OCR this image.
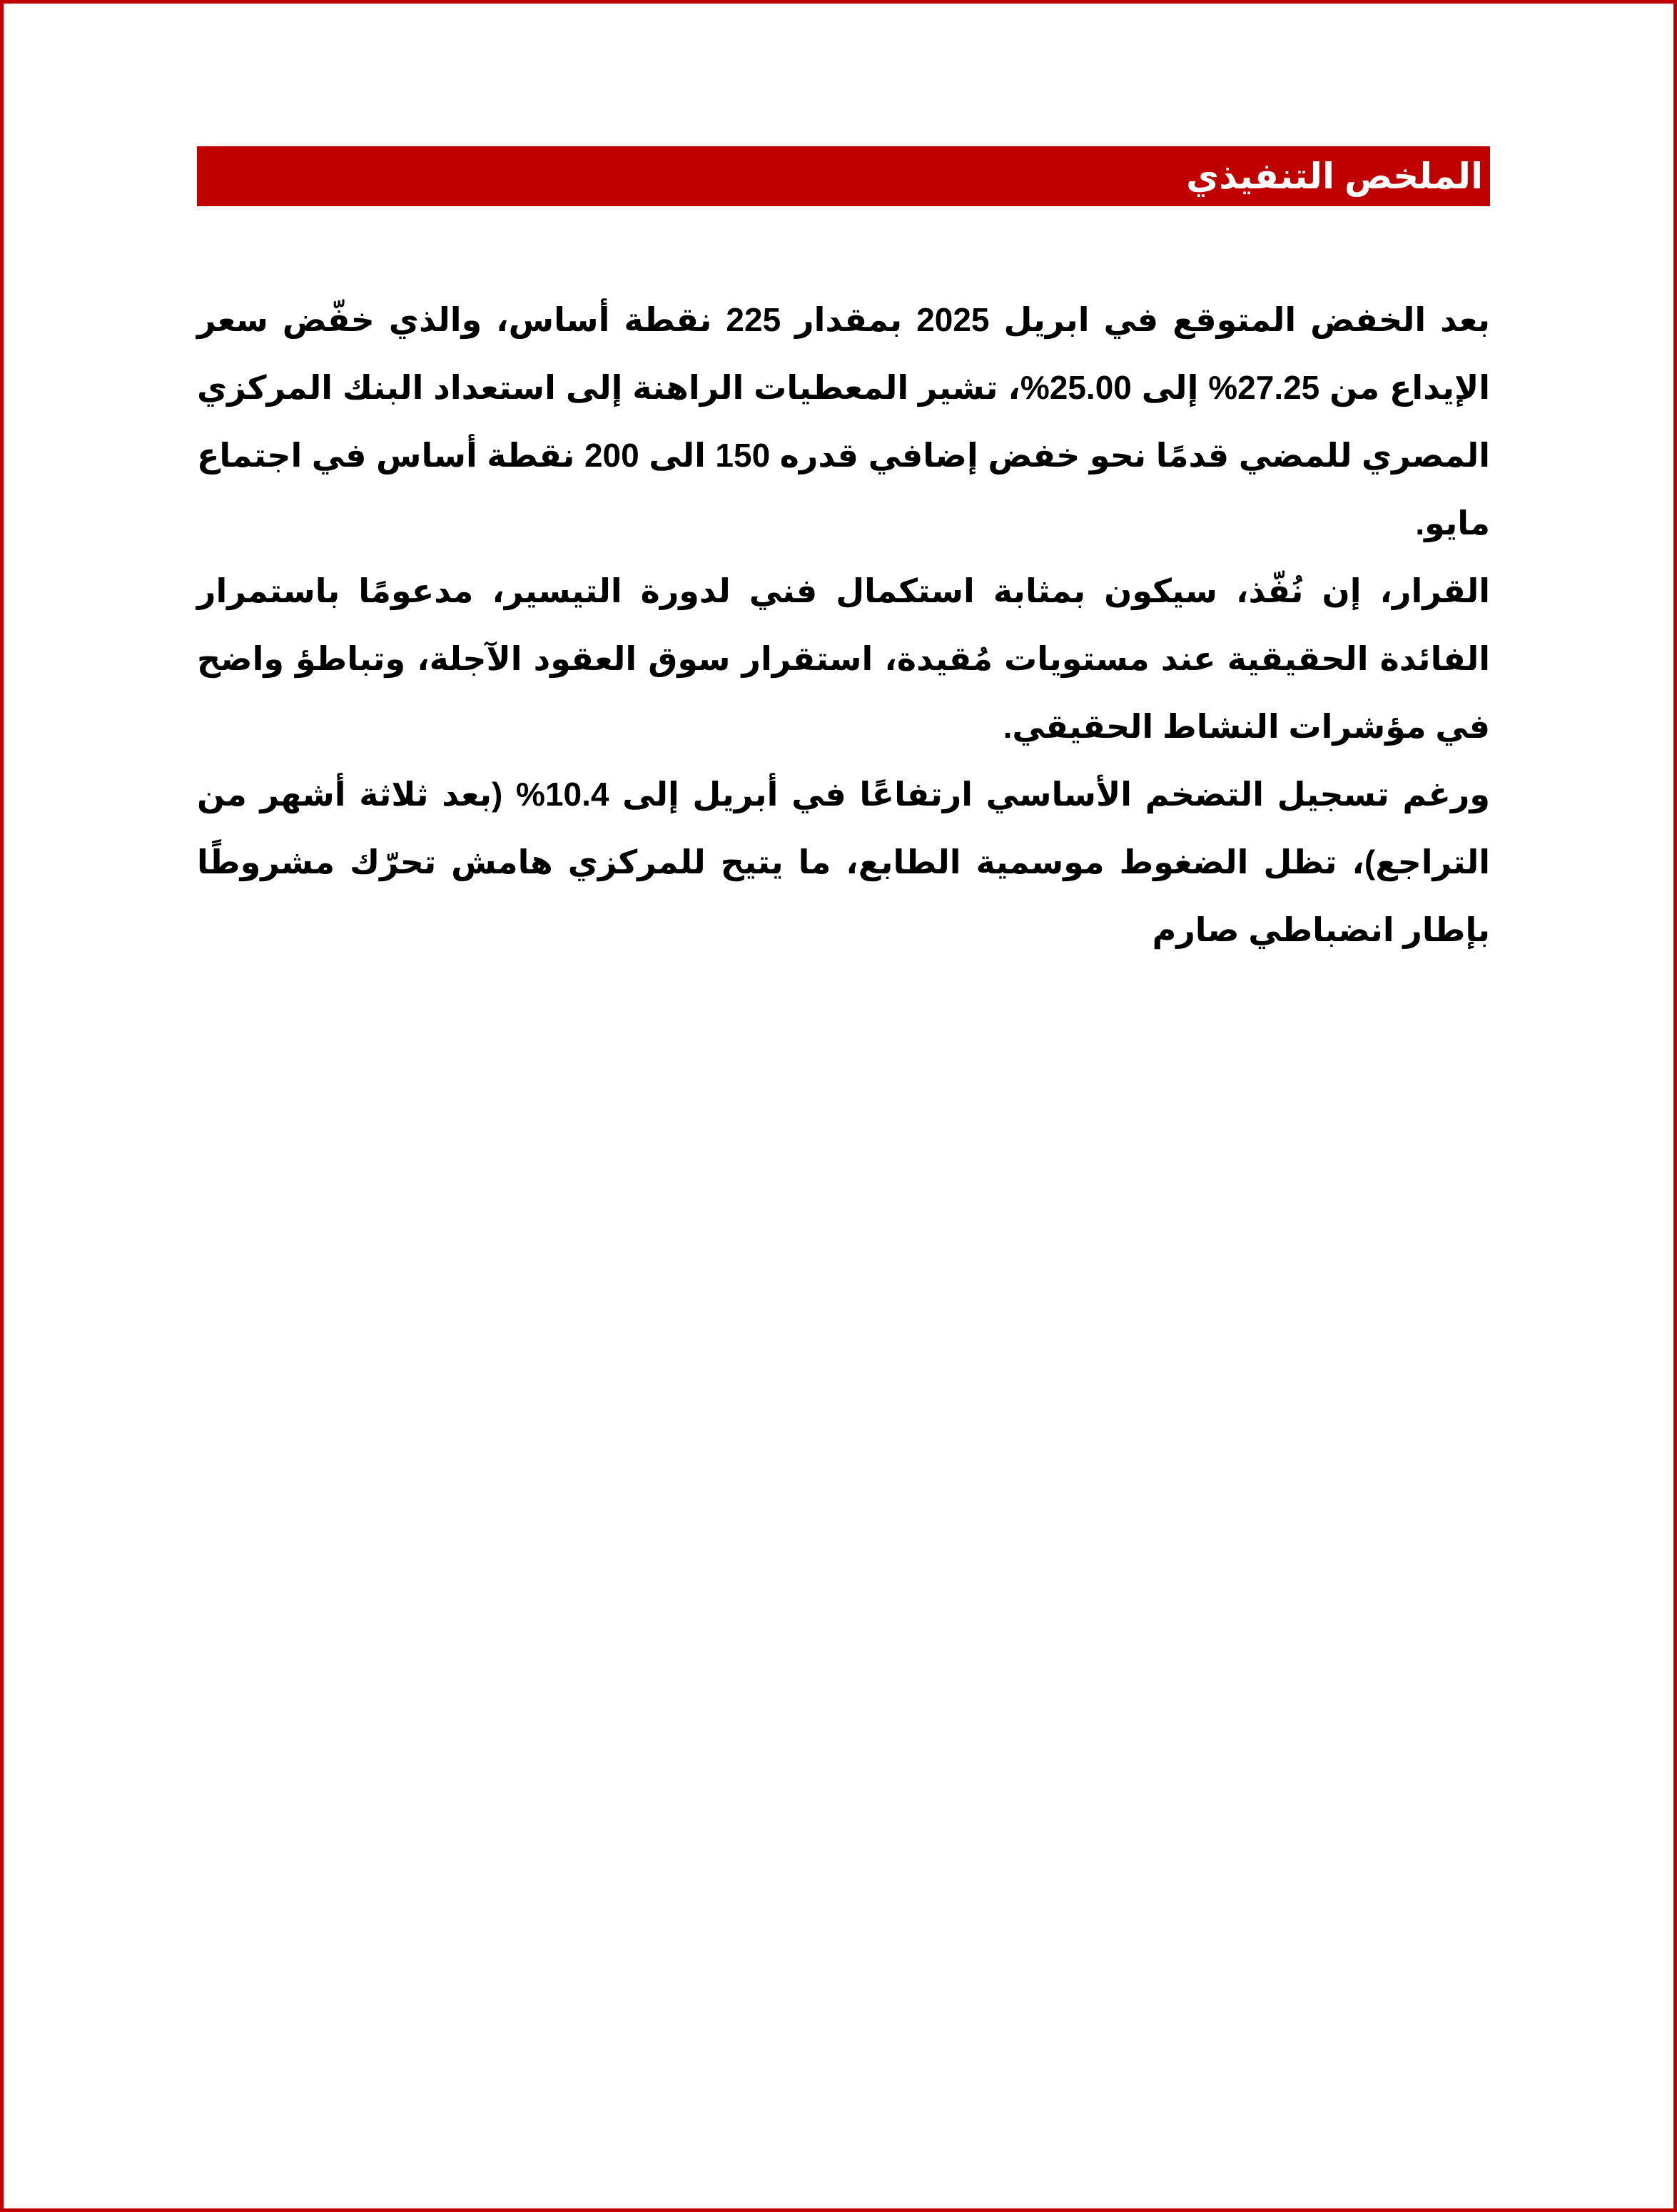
الملخص التنفيذي

بعد الخفض المتوقع في ابريل 2025 بمقدار 225 نقطة أساس، والذي خفّض سعر الإيداع من 27.25% إلى 25.00%، تشير المعطيات الراهنة إلى استعداد البنك المركزي المصري للمضي قدمًا نحو خفض إضافي قدره 150 الى 200 نقطة أساس في اجتماع مايو.

القرار، إن نُفّذ، سيكون بمثابة استكمال فني لدورة التيسير، مدعومًا باستمرار الفائدة الحقيقية عند مستويات مُقيدة، استقرار سوق العقود الآجلة، وتباطؤ واضح في مؤشرات النشاط الحقيقي.

ورغم تسجيل التضخم الأساسي ارتفاعًا في أبريل إلى 10.4% (بعد ثلاثة أشهر من التراجع)، تظل الضغوط موسمية الطابع، ما يتيح للمركزي هامش تحرّك مشروطًا بإطار انضباطي صارم
